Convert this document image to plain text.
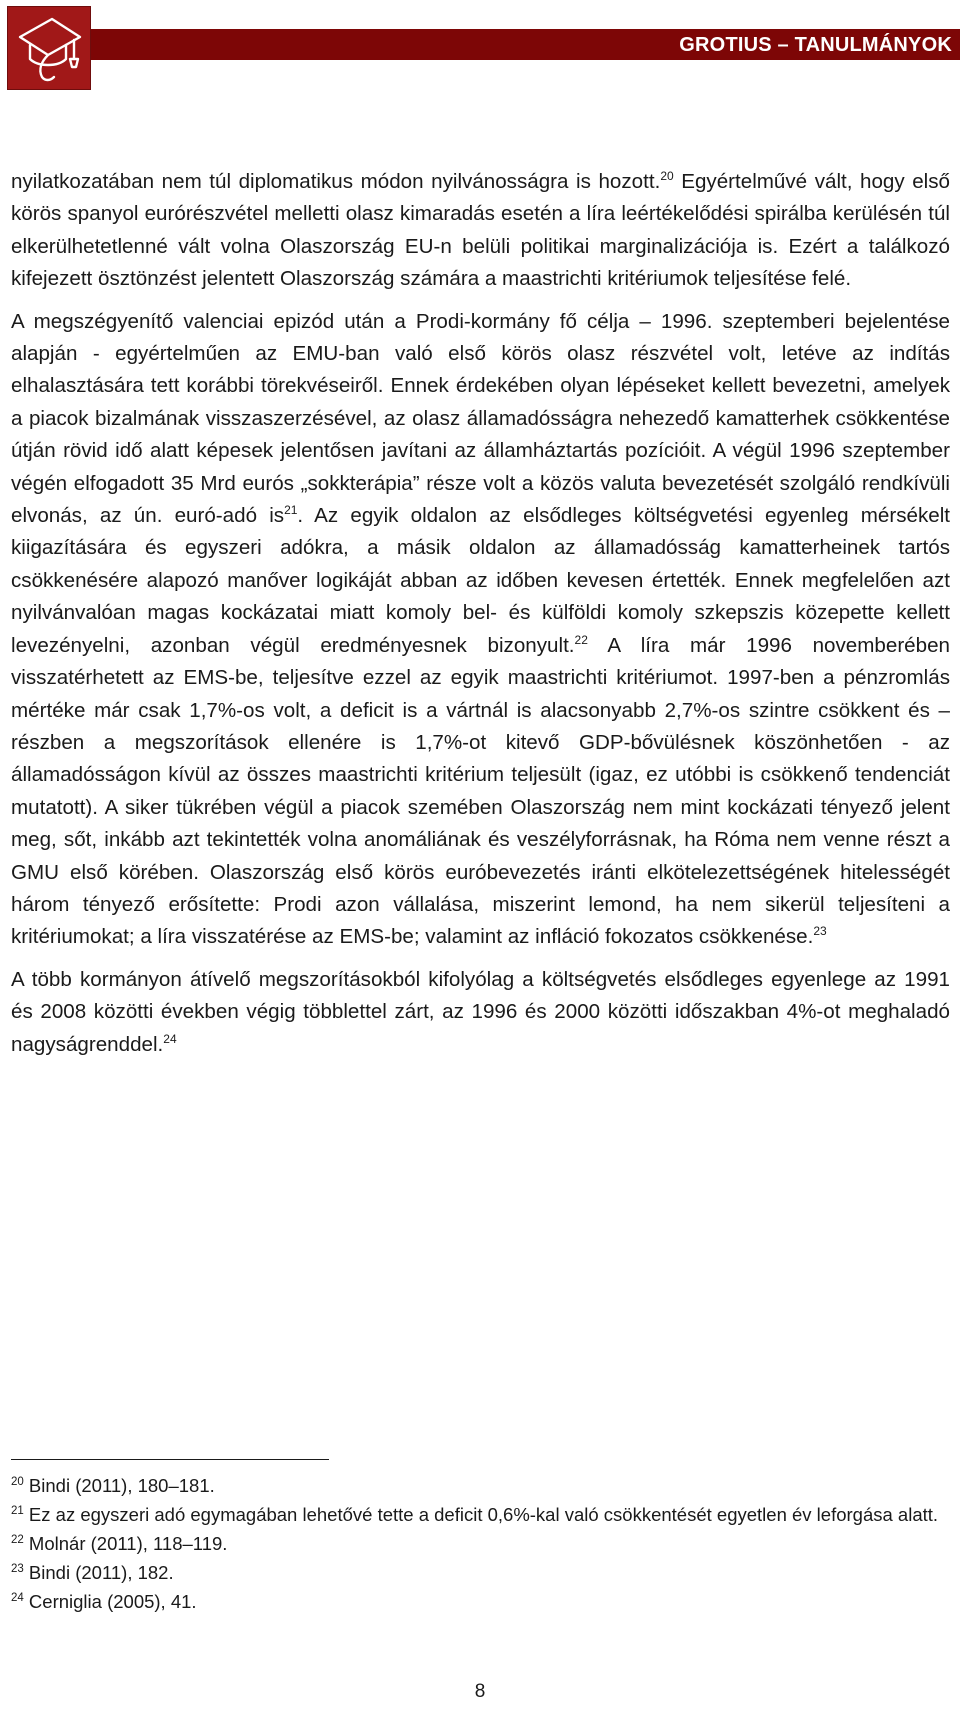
GROTIUS – TANULMÁNYOK

nyilatkozatában nem túl diplomatikus módon nyilvánosságra is hozott.$^{20}$ Egyértelművé vált, hogy első körös spanyol eurórészvétel melletti olasz kimaradás esetén a líra leértékelődési spirálba kerülésén túl elkerülhetetlenné vált volna Olaszország EU-n belüli politikai marginalizációja is. Ezért a találkozó kifejezett ösztönzést jelentett Olaszország számára a maastrichti kritériumok teljesítése felé.

A megszégyenítő valenciai epizód után a Prodi-kormány fő célja – 1996. szeptemberi bejelentése alapján - egyértelműen az EMU-ban való első körös olasz részvétel volt, letéve az indítás elhalasztására tett korábbi törekvéseiről. Ennek érdekében olyan lépéseket kellett bevezetni, amelyek a piacok bizalmának visszaszerzésével, az olasz államadósságra nehezedő kamatterhek csökkentése útján rövid idő alatt képesek jelentősen javítani az államháztartás pozícióit. A végül 1996 szeptember végén elfogadott 35 Mrd eurós „sokkterápia” része volt a közös valuta bevezetését szolgáló rendkívüli elvonás, az ún. euró-adó $is^{21}$. Az egyik oldalon az elsődleges költségvetési egyenleg mérsékelt kiigazítására és egyszeri adókra, a másik oldalon az államadósság kamatterheinek tartós csökkenésére alapozó manőver logikáját abban az időben kevesen értették. Ennek megfelelően azt nyilvánvalóan magas kockázatai miatt komoly bel- és külföldi komoly szkepszis közepette kellett levezényelni, azonban végül eredményesnek bizonyult.$^{22}$ A líra már 1996 novemberében visszatérhetett az EMS-be, teljesítve ezzel az egyik maastrichti kritériumot. 1997-ben a pénzromlás mértéke már csak 1,7%-os volt, a deficit is a vártnál is alacsonyabb 2,7%-os szintre csökkent és – részben a megszorítások ellenére is 1,7%-ot kitevő GDP-bővülésnek köszönhetően - az államadósságon kívül az összes maastrichti kritérium teljesült (igaz, ez utóbbi is csökkenő tendenciát mutatott). A siker tükrében végül a piacok szemében Olaszország nem mint kockázati tényező jelent meg, sőt, inkább azt tekintették volna anomáliának és veszélyforrásnak, ha Róma nem venne részt a GMU első körében. Olaszország első körös euróbevezetés iránti elkötelezettségének hitelességét három tényező erősítette: Prodi azon vállalása, miszerint lemond, ha nem sikerül teljesíteni a kritériumokat; a líra visszatérése az EMS-be; valamint az infláció fokozatos csökkenése.$^{23}$

A több kormányon átívelő megszorításokból kifolyólag a költségvetés elsődleges egyenlege az 1991 és 2008 közötti években végig többlettel zárt, az 1996 és 2000 közötti időszakban 4%-ot meghaladó nagyságrenddel.$^{24}$

$^{20}$ Bindi (2011), 180–181.

$^{21}$ Ez az egyszeri adó egymagában lehetővé tette a deficit 0,6%-kal való csökkentését egyetlen év leforgása alatt.

$^{22}$ Molnár (2011), 118–119.

$^{23}$ Bindi (2011), 182.

$^{24}$ Cerniglia (2005), 41.

8
